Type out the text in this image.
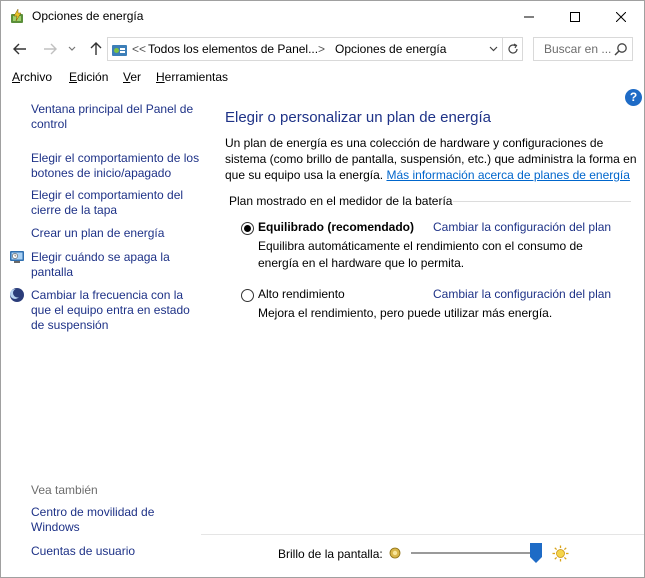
Opciones de energía
<< Todos los elementos de Panel... > Opciones de energía	Buscar en ...
Archivo Edición Ver Herramientas
?
Ventana principal del Panel de control
Elegir el comportamiento de los botones de inicio/apagado
Elegir el comportamiento del cierre de la tapa
Crear un plan de energía
Elegir cuándo se apaga la pantalla
Cambiar la frecuencia con la que el equipo entra en estado de suspensión
Vea también
Centro de movilidad de Windows
Cuentas de usuario
Elegir o personalizar un plan de energía
Un plan de energía es una colección de hardware y configuraciones de sistema (como brillo de pantalla, suspensión, etc.) que administra la forma en que su equipo usa la energía. Más información acerca de planes de energía
Plan mostrado en el medidor de la batería
Equilibrado (recomendado) Cambiar la configuración del plan
Equilibra automáticamente el rendimiento con el consumo de energía en el hardware que lo permita.
Alto rendimiento	Cambiar la configuración del plan
Mejora el rendimiento, pero puede utilizar más energía.
Brillo de la pantalla:
